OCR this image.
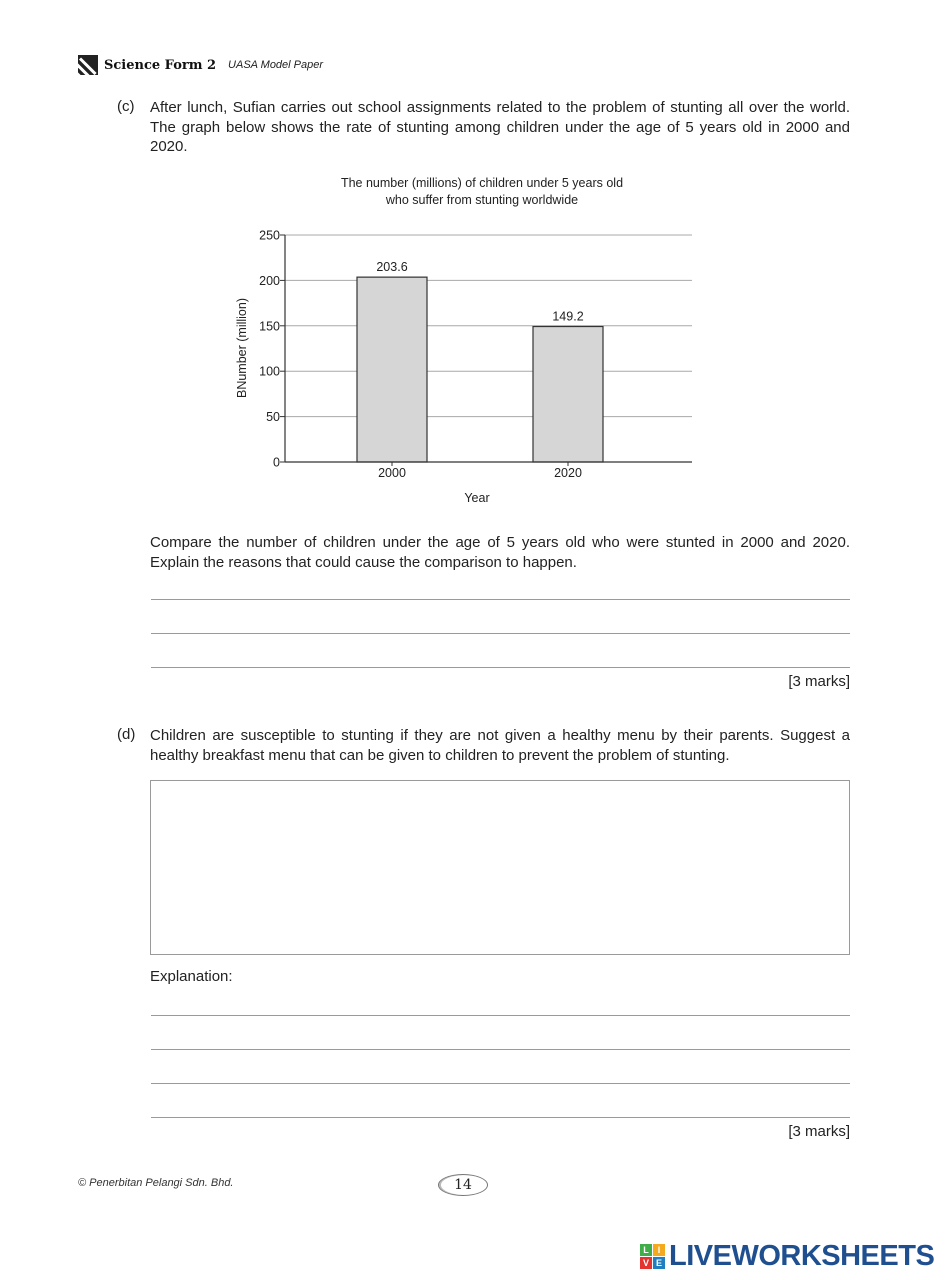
Science Form 2 UASA Model Paper
(c) After lunch, Sufian carries out school assignments related to the problem of stunting all over the world. The graph below shows the rate of stunting among children under the age of 5 years old in 2000 and 2020.
The number (millions) of children under 5 years old
who suffer from stunting worldwide
203.6
149.2
0
50
100
150
200
250
2000	2020
BNumber (million)
Year
Compare the number of children under the age of 5 years old who were stunted in 2000 and 2020. Explain the reasons that could cause the comparison to happen.
[3 marks]
(d) Children are susceptible to stunting if they are not given a healthy menu by their parents. Suggest a healthy breakfast menu that can be given to children to prevent the problem of stunting.
Explanation:
[3 marks]
© Penerbitan Pelangi Sdn. Bhd.	14
L I
V E LIVEWORKSHEETS
